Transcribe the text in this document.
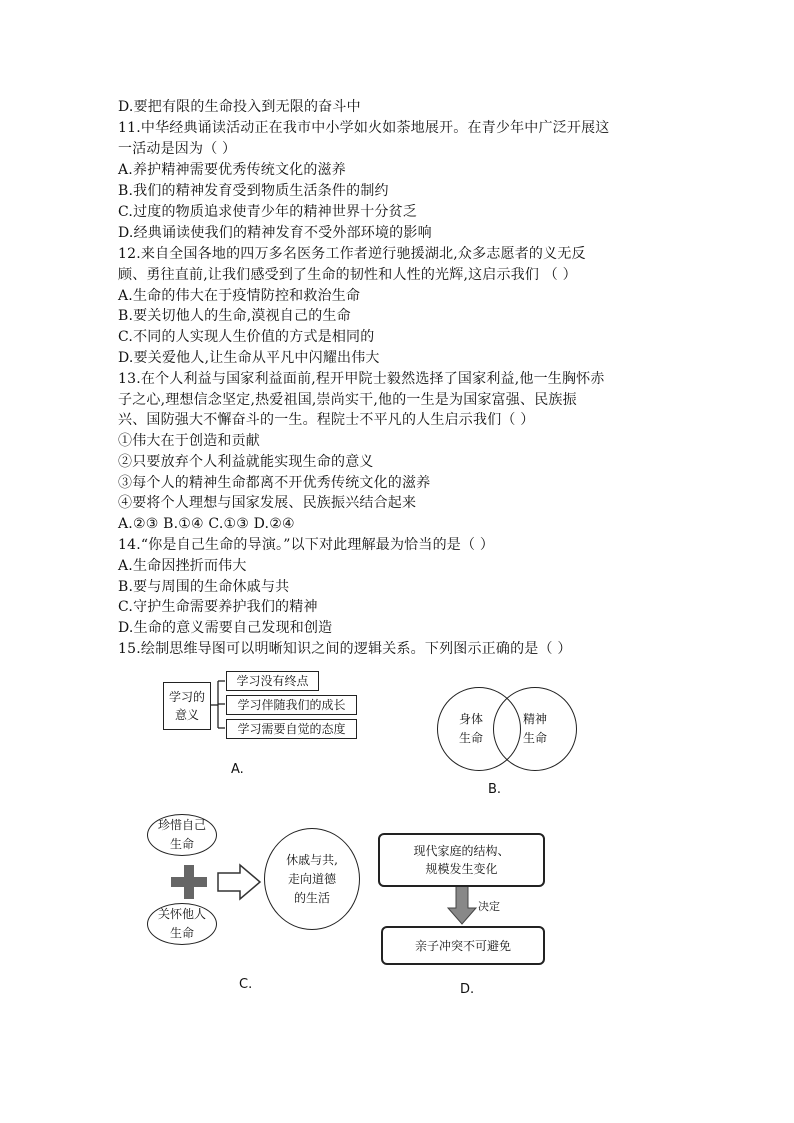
D.要把有限的生命投入到无限的奋斗中
11.中华经典诵读活动正在我市中小学如火如荼地展开。在青少年中广泛开展这
一活动是因为（ ）
A.养护精神需要优秀传统文化的滋养
B.我们的精神发育受到物质生活条件的制约
C.过度的物质追求使青少年的精神世界十分贫乏
D.经典诵读使我们的精神发育不受外部环境的影响
12.来自全国各地的四万多名医务工作者逆行驰援湖北,众多志愿者的义无反
顾、勇往直前,让我们感受到了生命的韧性和人性的光辉,这启示我们 （ ）
A.生命的伟大在于疫情防控和救治生命
B.要关切他人的生命,漠视自己的生命
C.不同的人实现人生价值的方式是相同的
D.要关爱他人,让生命从平凡中闪耀出伟大
13.在个人利益与国家利益面前,程开甲院士毅然选择了国家利益,他一生胸怀赤
子之心,理想信念坚定,热爱祖国,崇尚实干,他的一生是为国家富强、民族振
兴、国防强大不懈奋斗的一生。程院士不平凡的人生启示我们（ ）
①伟大在于创造和贡献
②只要放弃个人利益就能实现生命的意义
③每个人的精神生命都离不开优秀传统文化的滋养
④要将个人理想与国家发展、民族振兴结合起来
A.②③ B.①④ C.①③ D.②④
14.“你是自己生命的导演。”以下对此理解最为恰当的是（ ）
A.生命因挫折而伟大
B.要与周围的生命休戚与共
C.守护生命需要养护我们的精神
D.生命的意义需要自己发现和创造
15.绘制思维导图可以明晰知识之间的逻辑关系。下列图示正确的是（ ）
学习的
意义
学习没有终点
学习伴随我们的成长
学习需要自觉的态度
A.
身体
生命
精神
生命
B.
珍惜自己
生命
关怀他人
生命
休戚与共,
走向道德
的生活
C.
现代家庭的结构、
规模发生变化
决定
亲子冲突不可避免
D.
